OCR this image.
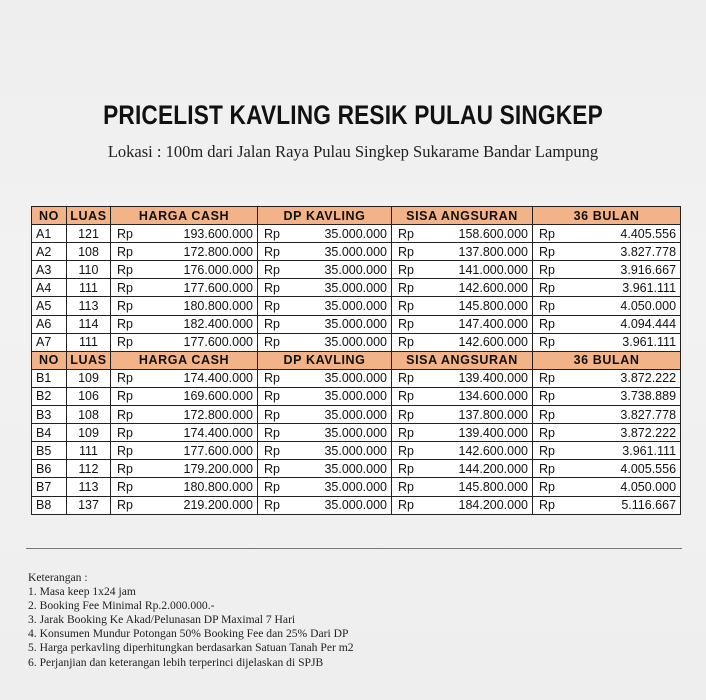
PRICELIST KAVLING RESIK PULAU SINGKEP
Lokasi : 100m dari Jalan Raya Pulau Singkep Sukarame Bandar Lampung
NO	LUAS	HARGA CASH		DP KAVLING		SISA ANGSURAN		36 BULAN	
A1	121	Rp	193.600.000	Rp	35.000.000	Rp	158.600.000	Rp	4.405.556
A2	108	Rp	172.800.000	Rp	35.000.000	Rp	137.800.000	Rp	3.827.778
A3	110	Rp	176.000.000	Rp	35.000.000	Rp	141.000.000	Rp	3.916.667
A4	111	Rp	177.600.000	Rp	35.000.000	Rp	142.600.000	Rp	3.961.111
A5	113	Rp	180.800.000	Rp	35.000.000	Rp	145.800.000	Rp	4.050.000
A6	114	Rp	182.400.000	Rp	35.000.000	Rp	147.400.000	Rp	4.094.444
A7	111	Rp	177.600.000	Rp	35.000.000	Rp	142.600.000	Rp	3.961.111
NO	LUAS	HARGA CASH		DP KAVLING		SISA ANGSURAN		36 BULAN	
B1	109	Rp	174.400.000	Rp	35.000.000	Rp	139.400.000	Rp	3.872.222
B2	106	Rp	169.600.000	Rp	35.000.000	Rp	134.600.000	Rp	3.738.889
B3	108	Rp	172.800.000	Rp	35.000.000	Rp	137.800.000	Rp	3.827.778
B4	109	Rp	174.400.000	Rp	35.000.000	Rp	139.400.000	Rp	3.872.222
B5	111	Rp	177.600.000	Rp	35.000.000	Rp	142.600.000	Rp	3.961.111
B6	112	Rp	179.200.000	Rp	35.000.000	Rp	144.200.000	Rp	4.005.556
B7	113	Rp	180.800.000	Rp	35.000.000	Rp	145.800.000	Rp	4.050.000
B8	137	Rp	219.200.000	Rp	35.000.000	Rp	184.200.000	Rp	5.116.667
Keterangan :
1. Masa keep 1x24 jam
2. Booking Fee Minimal Rp.2.000.000.-
3. Jarak Booking Ke Akad/Pelunasan DP Maximal 7 Hari
4. Konsumen Mundur Potongan 50% Booking Fee dan 25% Dari DP
5. Harga perkavling diperhitungkan berdasarkan Satuan Tanah Per m2
6. Perjanjian dan keterangan lebih terperinci dijelaskan di SPJB
